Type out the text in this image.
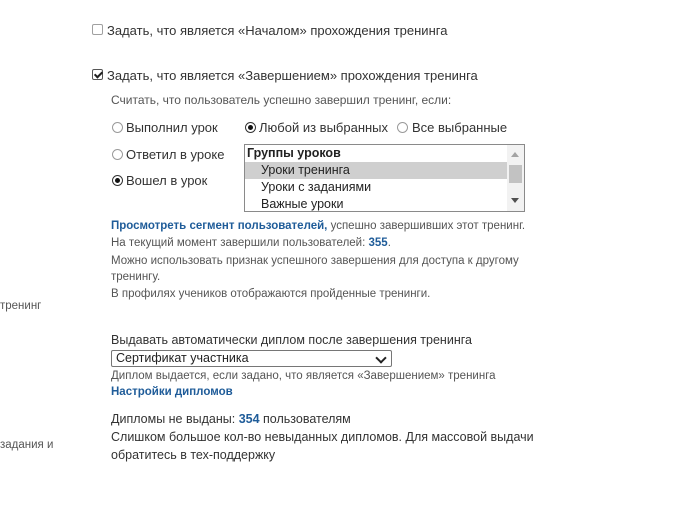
тренинг
задания и
Задать, что является «Началом» прохождения тренинга
Задать, что является «Завершением» прохождения тренинга
Считать, что пользователь успешно завершил тренинг, если:
Выполнил урок
Ответил в уроке
Вошел в урок
Любой из выбранных Все выбранные
Группы уроков
Уроки тренинга
Уроки с заданиями
Важные уроки
Просмотреть сегмент пользователей, успешно завершивших этот тренинг.
На текущий момент завершили пользователей: 355.
Можно использовать признак успешного завершения для доступа к другому
тренингу.
В профилях учеников отображаются пройденные тренинги.
Выдавать автоматически диплом после завершения тренинга
Сертификат участника
Диплом выдается, если задано, что является «Завершением» тренинга
Настройки дипломов
Дипломы не выданы: 354 пользователям
Слишком большое кол-во невыданных дипломов. Для массовой выдачи
обратитесь в тех-поддержку
